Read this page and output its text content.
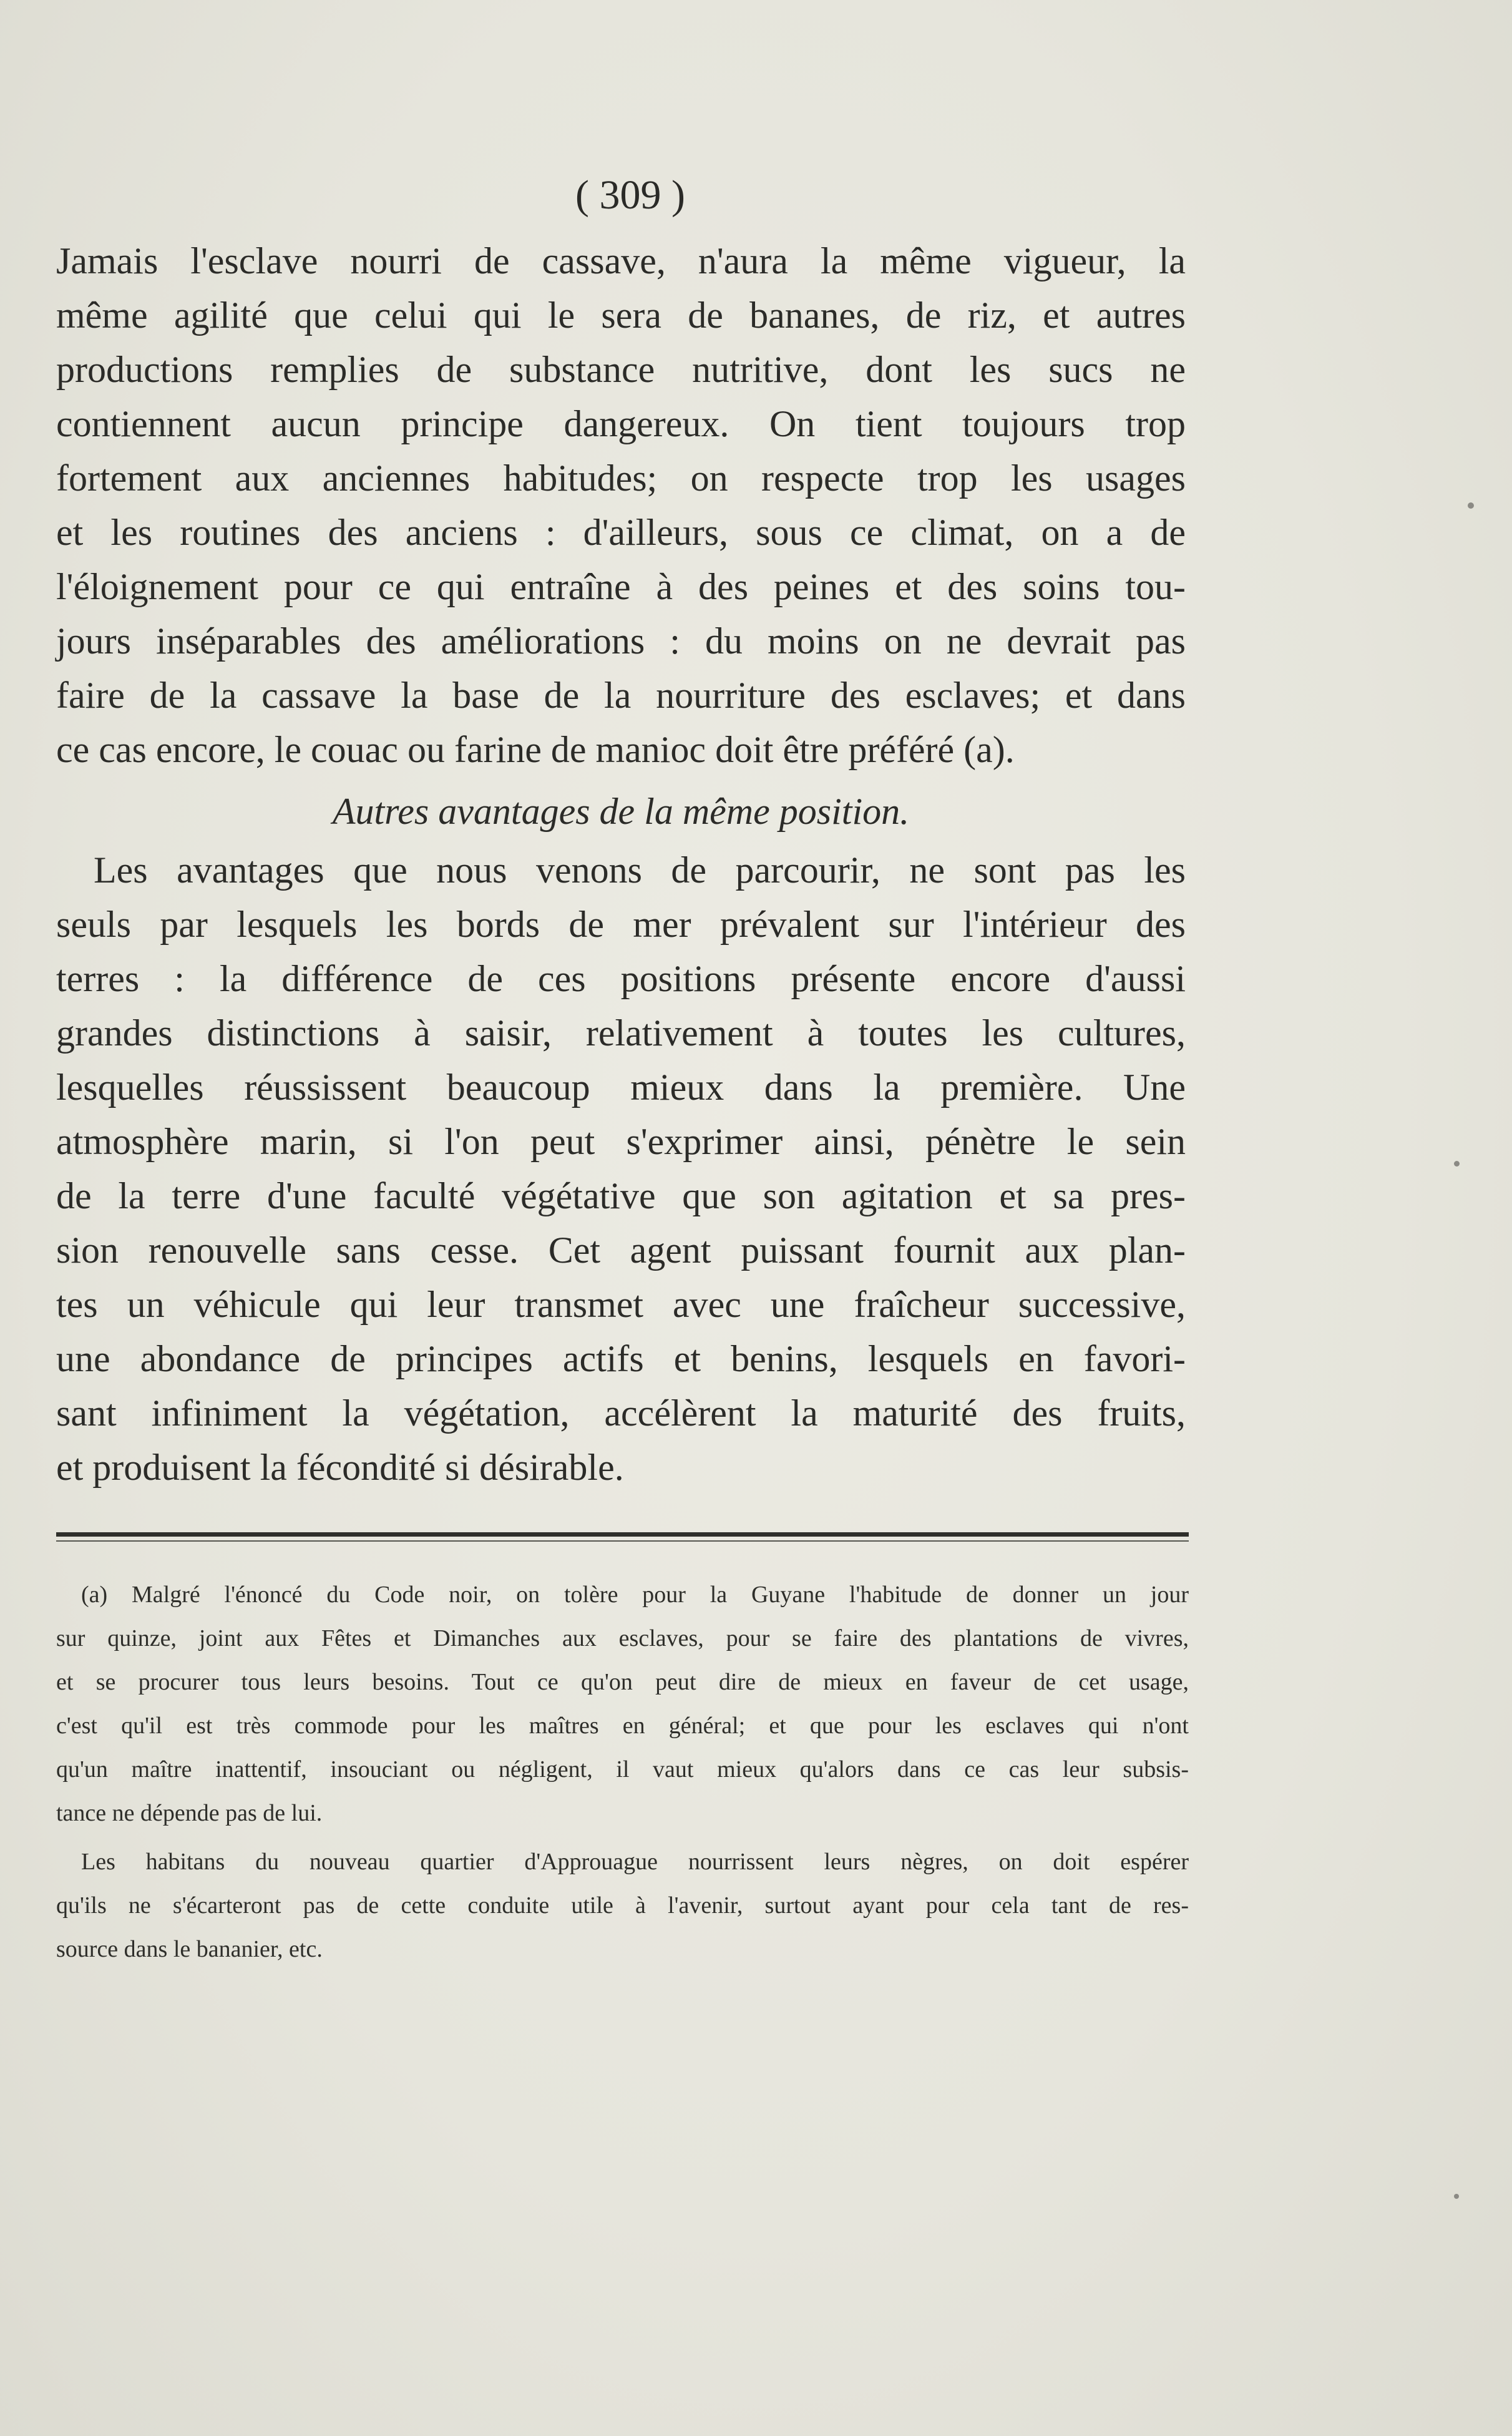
( 309 )

Jamais l'esclave nourri de cassave, n'aura la même vigueur, la
même agilité que celui qui le sera de bananes, de riz, et autres
productions remplies de substance nutritive, dont les sucs ne
contiennent aucun principe dangereux. On tient toujours trop
fortement aux anciennes habitudes; on respecte trop les usages
et les routines des anciens : d'ailleurs, sous ce climat, on a de
l'éloignement pour ce qui entraîne à des peines et des soins tou-
jours inséparables des améliorations : du moins on ne devrait pas
faire de la cassave la base de la nourriture des esclaves; et dans
ce cas encore, le couac ou farine de manioc doit être préféré (a).

Autres avantages de la même position.

Les avantages que nous venons de parcourir, ne sont pas les
seuls par lesquels les bords de mer prévalent sur l'intérieur des
terres : la différence de ces positions présente encore d'aussi
grandes distinctions à saisir, relativement à toutes les cultures,
lesquelles réussissent beaucoup mieux dans la première. Une
atmosphère marin, si l'on peut s'exprimer ainsi, pénètre le sein
de la terre d'une faculté végétative que son agitation et sa pres-
sion renouvelle sans cesse. Cet agent puissant fournit aux plan-
tes un véhicule qui leur transmet avec une fraîcheur successive,
une abondance de principes actifs et benins, lesquels en favori-
sant infiniment la végétation, accélèrent la maturité des fruits,
et produisent la fécondité si désirable.

(a) Malgré l'énoncé du Code noir, on tolère pour la Guyane l'habitude de donner un jour
sur quinze, joint aux Fêtes et Dimanches aux esclaves, pour se faire des plantations de vivres,
et se procurer tous leurs besoins. Tout ce qu'on peut dire de mieux en faveur de cet usage,
c'est qu'il est très commode pour les maîtres en général; et que pour les esclaves qui n'ont
qu'un maître inattentif, insouciant ou négligent, il vaut mieux qu'alors dans ce cas leur subsis-
tance ne dépende pas de lui.
Les habitans du nouveau quartier d'Approuague nourrissent leurs nègres, on doit espérer
qu'ils ne s'écarteront pas de cette conduite utile à l'avenir, surtout ayant pour cela tant de res-
source dans le bananier, etc.
